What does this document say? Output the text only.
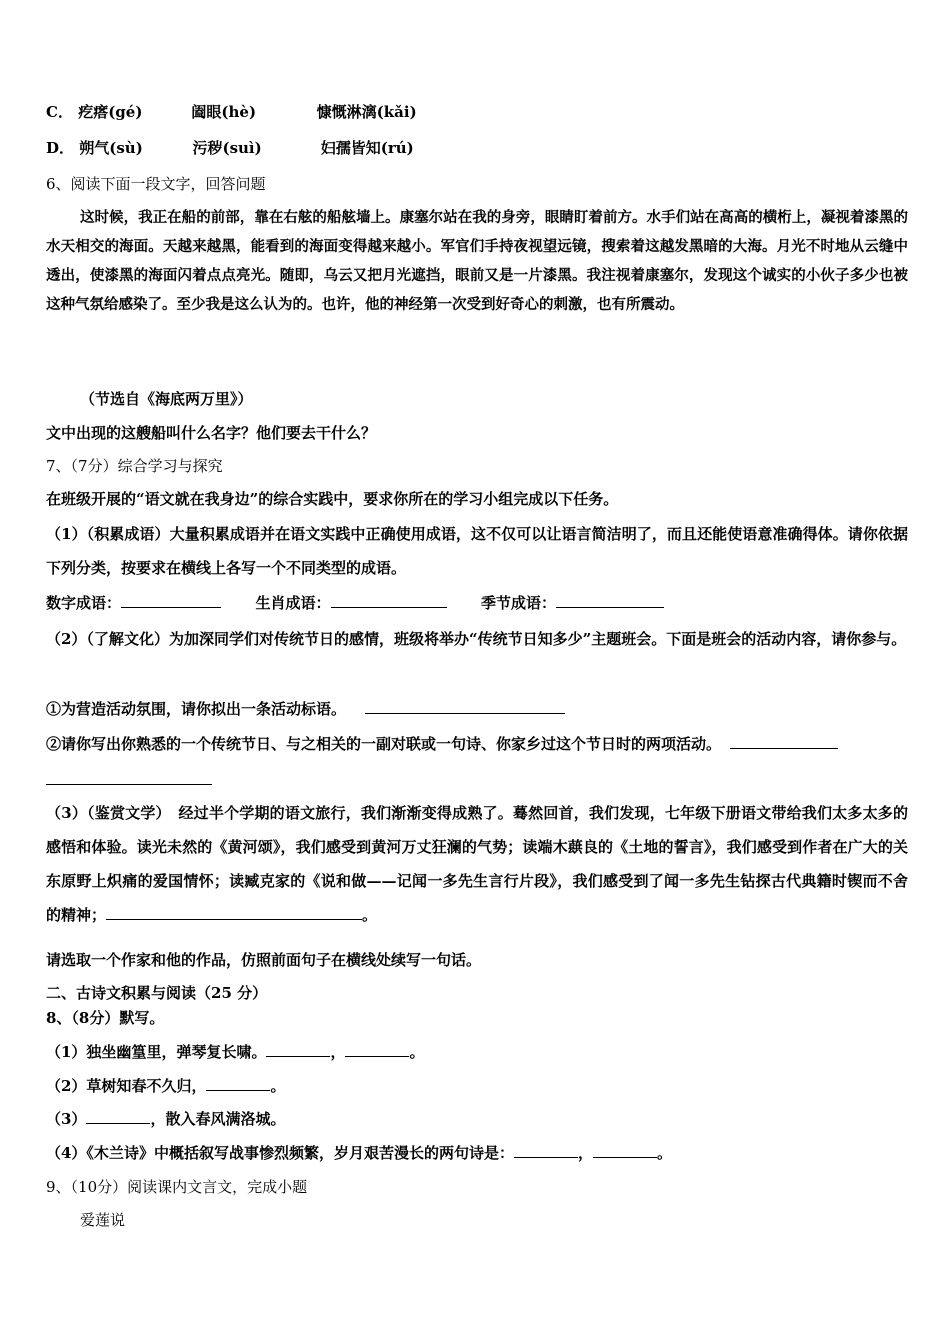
C． 疙瘩(gé)	阖眼(hè)	慷慨淋漓(kǎi)
D． 朔气(sù)	污秽(suì)	妇孺皆知(rú)
6、阅读下面一段文字，回答问题
这时候，我正在船的前部，靠在右舷的船舷墙上。康塞尔站在我的身旁，眼睛盯着前方。水手们站在高高的横桁上，凝视着漆黑的水天相交的海面。天越来越黑，能看到的海面变得越来越小。军官们手持夜视望远镜，搜索着这越发黑暗的大海。月光不时地从云缝中透出，使漆黑的海面闪着点点亮光。随即，乌云又把月光遮挡，眼前又是一片漆黑。我注视着康塞尔，发现这个诚实的小伙子多少也被这种气氛给感染了。至少我是这么认为的。也许，他的神经第一次受到好奇心的刺激，也有所震动。
（节选自《海底两万里》）
文中出现的这艘船叫什么名字？他们要去干什么？
7、（7分）综合学习与探究
在班级开展的“语文就在我身边”的综合实践中，要求你所在的学习小组完成以下任务。
（1）（积累成语）大量积累成语并在语文实践中正确使用成语，这不仅可以让语言简洁明了，而且还能使语意准确得体。请你依据下列分类，按要求在横线上各写一个不同类型的成语。
数字成语：	生肖成语：	季节成语：
（2）（了解文化）为加深同学们对传统节日的感情，班级将举办“传统节日知多少”主题班会。下面是班会的活动内容，请你参与。
①为营造活动氛围，请你拟出一条活动标语。
②请你写出你熟悉的一个传统节日、与之相关的一副对联或一句诗、你家乡过这个节日时的两项活动。
（3）（鉴赏文学）　经过半个学期的语文旅行，我们渐渐变得成熟了。蓦然回首，我们发现，七年级下册语文带给我们太多太多的感悟和体验。读光未然的《黄河颂》，我们感受到黄河万丈狂澜的气势；读端木蕻良的《土地的誓言》，我们感受到作者在广大的关东原野上炽痛的爱国情怀；读臧克家的《说和做——记闻一多先生言行片段》，我们感受到了闻一多先生钻探古代典籍时锲而不舍的精神；	。
请选取一个作家和他的作品，仿照前面句子在横线处续写一句话。
二、古诗文积累与阅读（25 分）
8、（8分）默写。
（1）独坐幽篁里，弹琴复长啸。	，	。
（2）草树知春不久归，	。
（3）	，散入春风满洛城。
（4）《木兰诗》中概括叙写战事惨烈频繁，岁月艰苦漫长的两句诗是：	，	。
9、（10分）阅读课内文言文，完成小题
爱莲说
